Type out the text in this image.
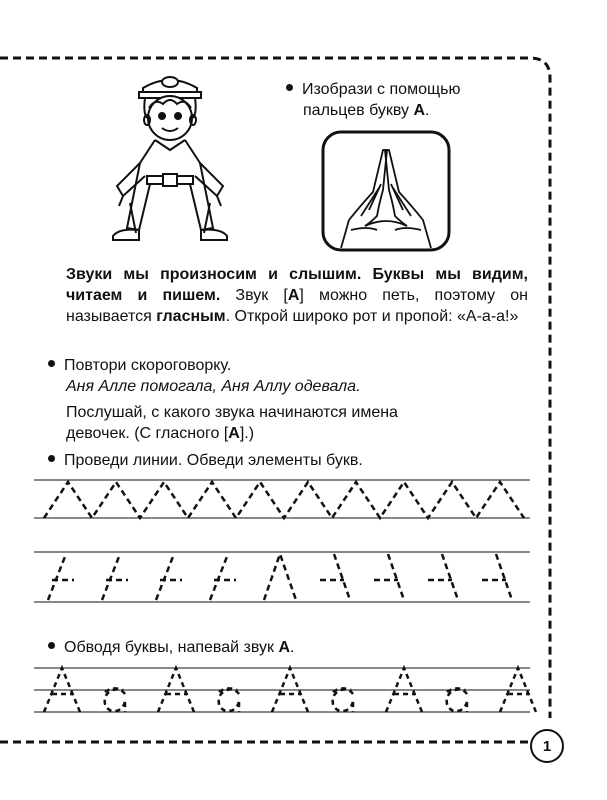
Изобрази с помощью
пальцев букву А.
Звуки мы произносим и слышим. Буквы мы видим, читаем и пишем. Звук [А] можно петь, поэтому он называется гласным. Открой широко рот и пропой: «А-а-а!»
Повтори скороговорку.
Аня Алле помогала, Аня Аллу одевала.
Послушай, с какого звука начинаются имена
девочек. (С гласного [А].)
Проведи линии. Обведи элементы букв.
Обводя буквы, напевай звук А.
1
